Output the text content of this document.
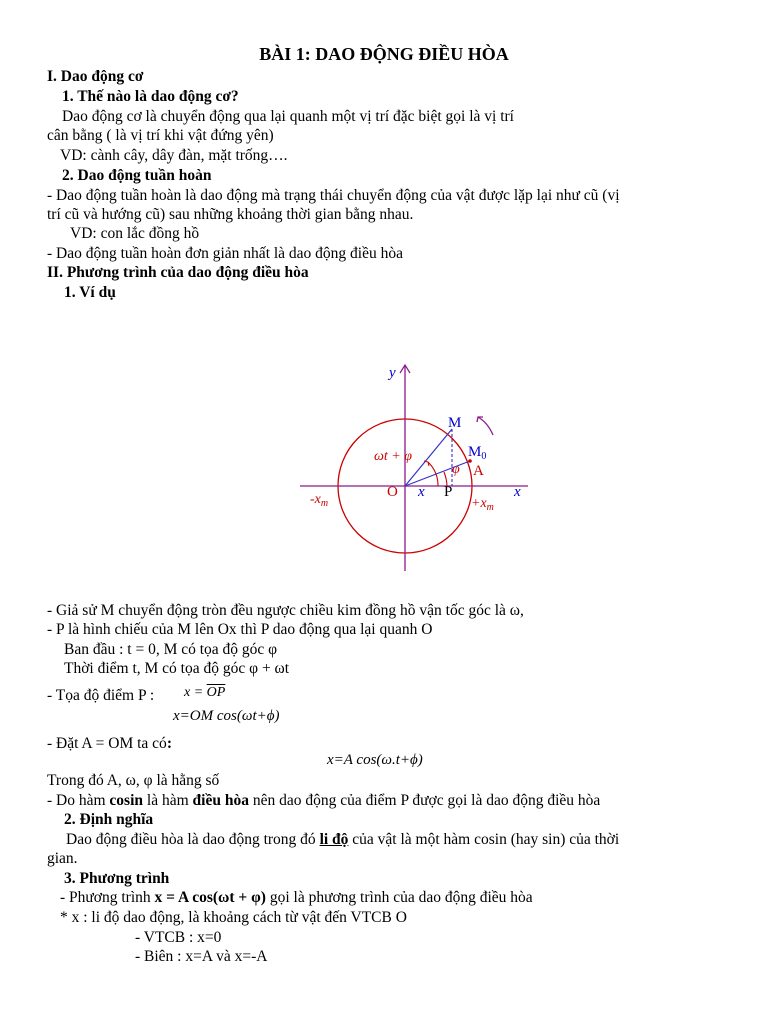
BÀI 1: DAO ĐỘNG ĐIỀU HÒA
I. Dao động cơ
1. Thế nào là dao động cơ?
Dao động cơ là chuyển động qua lại quanh một vị trí đặc biệt gọi là vị trí
cân bằng ( là vị trí khi vật đứng yên)
VD: cành cây, dây đàn, mặt trống….
2. Dao động tuần hoàn
- Dao động tuần hoàn là dao động mà trạng thái chuyển động của vật được lặp lại như cũ (vị
trí cũ và hướng cũ) sau những khoảng thời gian bằng nhau.
VD: con lắc đồng hồ
- Dao động tuần hoàn đơn giản nhất là dao động điều hòa
II. Phương trình của dao động điều hòa
1. Ví dụ
y
x
O
M
$M_0$
A
P
x
ωt + φ
φ
$-x_m$	$+x_m$
- Giả sử M chuyển động tròn đều ngược chiều kim đồng hồ vận tốc góc là ω,
- P là hình chiếu của M lên Ox thì P dao động qua lại quanh O
Ban đầu : t = 0, M có tọa độ góc φ
Thời điểm t, M có tọa độ góc φ + ωt
- Tọa độ điểm P : $x = \overline{OP}$
x=OM cos(ωt+ϕ)
- Đặt A = OM ta có:
x=A cos(ω.t+ϕ)
Trong đó A, ω, φ là hằng số
- Do hàm cosin là hàm điều hòa nên dao động của điểm P được gọi là dao động điều hòa
2. Định nghĩa
Dao động điều hòa là dao động trong đó li độ của vật là một hàm cosin (hay sin) của thời
gian.
3. Phương trình
- Phương trình x = A cos(ωt + φ) gọi là phương trình của dao động điều hòa
* x : li độ dao động, là khoảng cách từ vật đến VTCB O
- VTCB : x=0
- Biên : x=A và x=-A
